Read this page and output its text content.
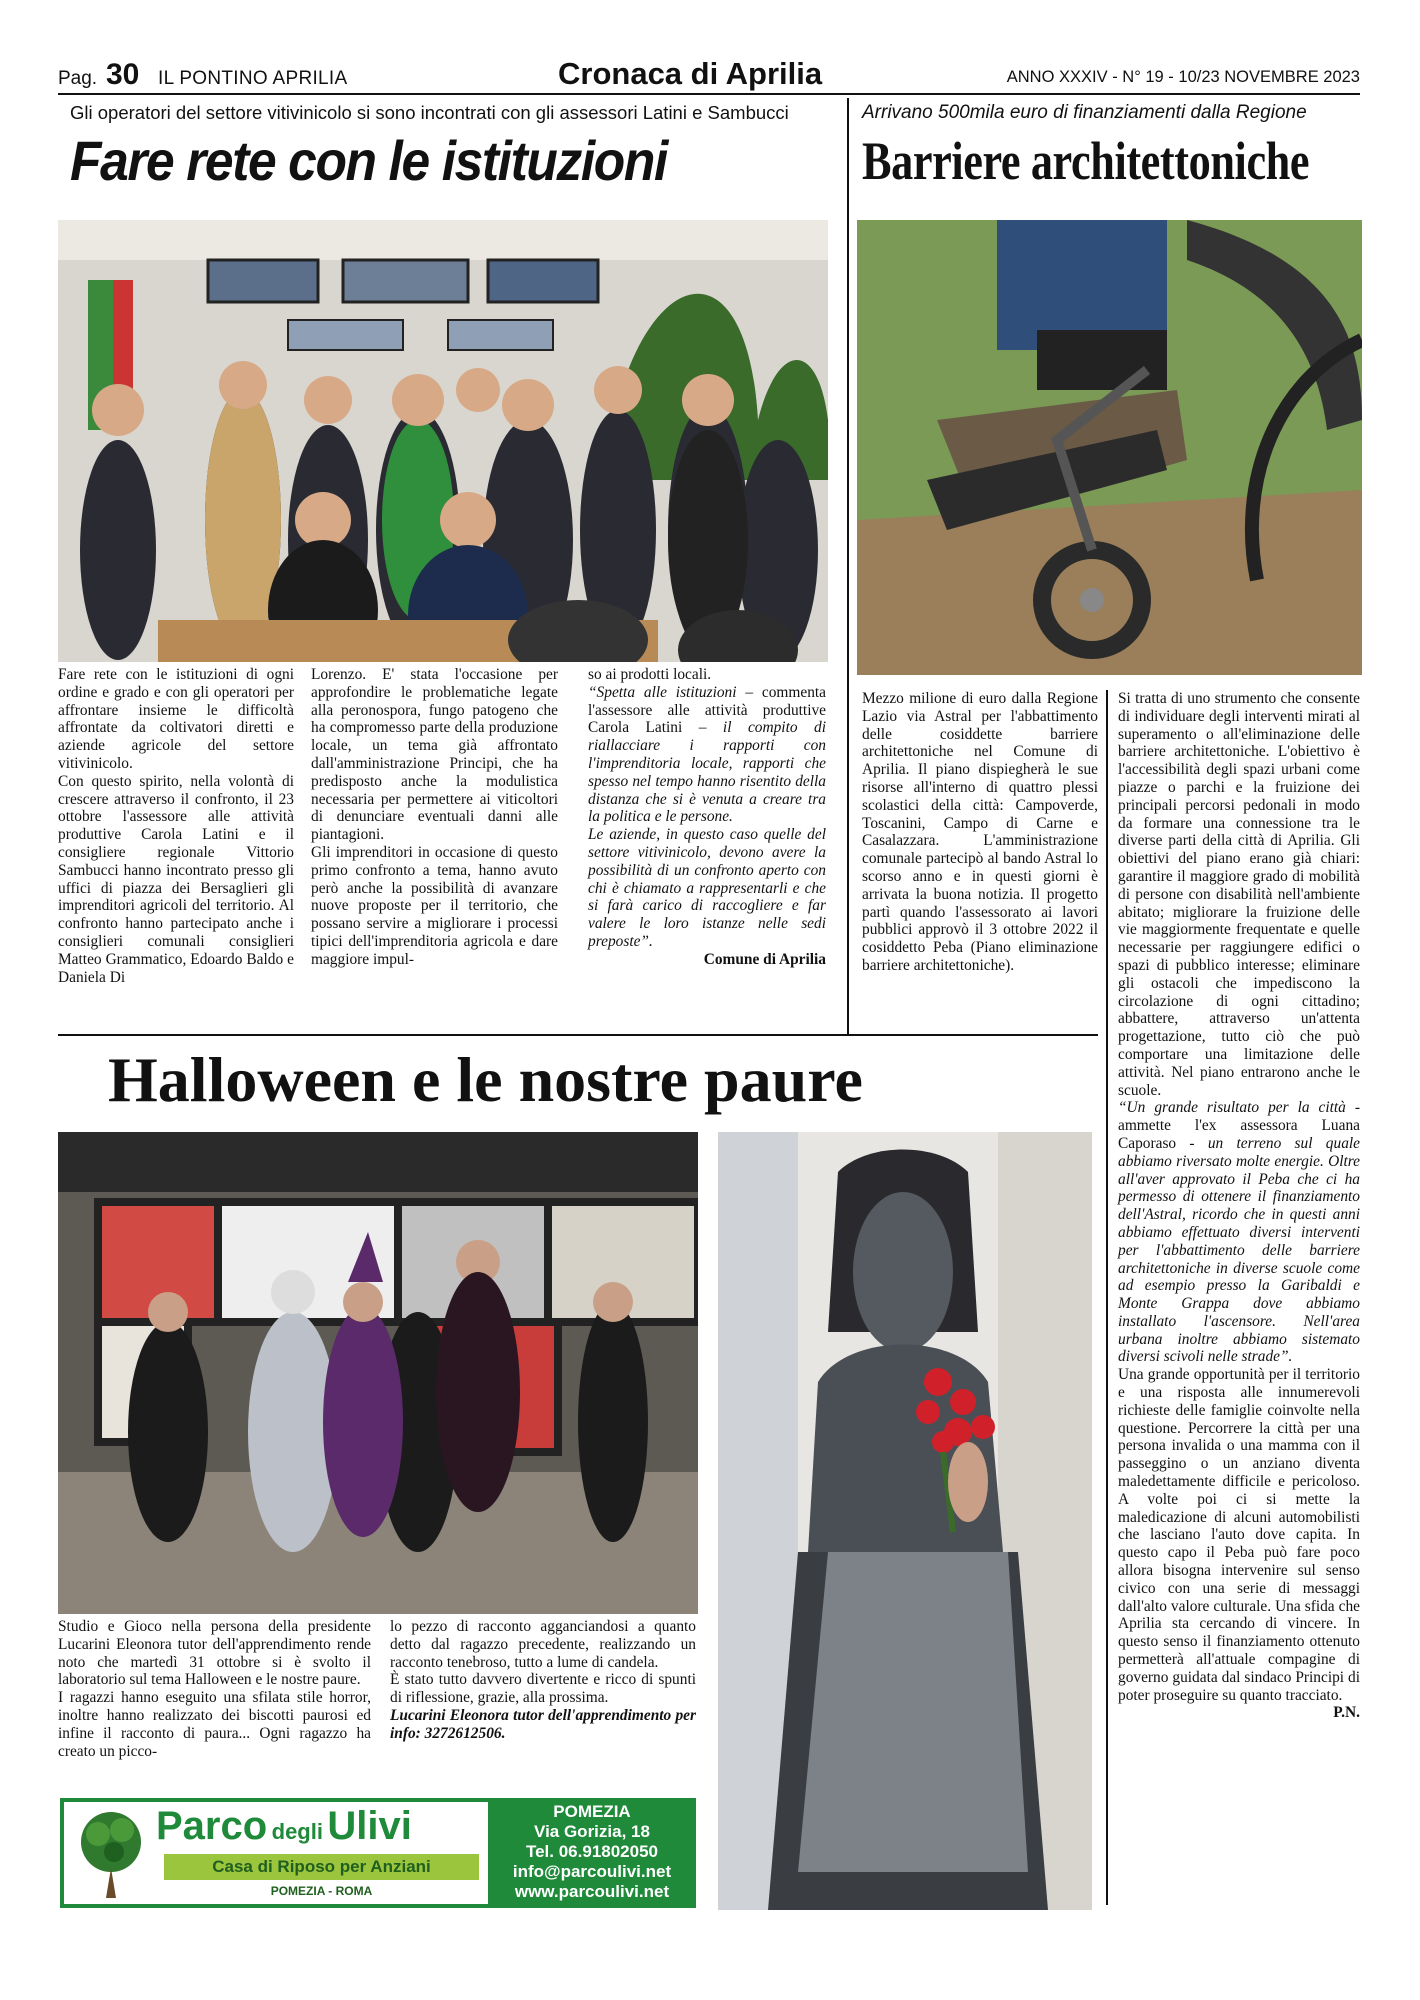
Pag. 30 IL PONTINO APRILIA	Cronaca di Aprilia	ANNO XXXIV - N° 19 - 10/23 NOVEMBRE 2023
Gli operatori del settore vitivinicolo si sono incontrati con gli assessori Latini e Sambucci
Fare rete con le istituzioni

Fare rete con le istituzioni di ogni ordine e grado e con gli operatori per affrontare insieme le difficoltà affrontate da coltivatori diretti e aziende agricole del settore vitivinicolo.

Con questo spirito, nella volontà di crescere attraverso il confronto, il 23 ottobre l'assessore alle attività produttive Carola Latini e il consigliere regionale Vittorio Sambucci hanno incontrato presso gli uffici di piazza dei Bersaglieri gli imprenditori agricoli del territorio. Al confronto hanno partecipato anche i consiglieri comunali consiglieri Matteo Grammatico, Edoardo Baldo e Daniela Di

Lorenzo. E' stata l'occasione per approfondire le problematiche legate alla peronospora, fungo patogeno che ha compromesso parte della produzione locale, un tema già affrontato dall'amministrazione Principi, che ha predisposto anche la modulistica necessaria per permettere ai viticoltori di denunciare eventuali danni alle piantagioni.

Gli imprenditori in occasione di questo primo confronto a tema, hanno avuto però anche la possibilità di avanzare nuove proposte per il territorio, che possano servire a migliorare i processi tipici dell'imprenditoria agricola e dare maggiore impul-

so ai prodotti locali.

“Spetta alle istituzioni – commenta l'assessore alle attività produttive Carola Latini – il compito di riallacciare i rapporti con l'imprenditoria locale, rapporti che spesso nel tempo hanno risentito della distanza che si è venuta a creare tra la politica e le persone.

Le aziende, in questo caso quelle del settore vitivinicolo, devono avere la possibilità di un confronto aperto con chi è chiamato a rappresentarli e che si farà carico di raccogliere e far valere le loro istanze nelle sedi preposte”.

Comune di Aprilia

Arrivano 500mila euro di finanziamenti dalla Regione
Barriere architettoniche

Mezzo milione di euro dalla Regione Lazio via Astral per l'abbattimento delle cosiddette barriere architettoniche nel Comune di Aprilia. Il piano dispiegherà le sue risorse all'interno di quattro plessi scolastici della città: Campoverde, Toscanini, Campo di Carne e Casalazzara. L'amministrazione comunale partecipò al bando Astral lo scorso anno e in questi giorni è arrivata la buona notizia. Il progetto partì quando l'assessorato ai lavori pubblici approvò il 3 ottobre 2022 il cosiddetto Peba (Piano eliminazione barriere architettoniche).

Si tratta di uno strumento che consente di individuare degli interventi mirati al superamento o all'eliminazione delle barriere architettoniche. L'obiettivo è l'accessibilità degli spazi urbani come piazze o parchi e la fruizione dei principali percorsi pedonali in modo da formare una connessione tra le diverse parti della città di Aprilia. Gli obiettivi del piano erano già chiari: garantire il maggiore grado di mobilità di persone con disabilità nell'ambiente abitato; migliorare la fruizione delle vie maggiormente frequentate e quelle necessarie per raggiungere edifici o spazi di pubblico interesse; eliminare gli ostacoli che impediscono la circolazione di ogni cittadino; abbattere, attraverso un'attenta progettazione, tutto ciò che può comportare una limitazione delle attività. Nel piano entrarono anche le scuole.

“Un grande risultato per la città - ammette l'ex assessora Luana Caporaso - un terreno sul quale abbiamo riversato molte energie. Oltre all'aver approvato il Peba che ci ha permesso di ottenere il finanziamento dell'Astral, ricordo che in questi anni abbiamo effettuato diversi interventi per l'abbattimento delle barriere architettoniche in diverse scuole come ad esempio presso la Garibaldi e Monte Grappa dove abbiamo installato l'ascensore. Nell'area urbana inoltre abbiamo sistemato diversi scivoli nelle strade”.

Una grande opportunità per il territorio e una risposta alle innumerevoli richieste delle famiglie coinvolte nella questione. Percorrere la città per una persona invalida o una mamma con il passeggino o un anziano diventa maledettamente difficile e pericoloso. A volte poi ci si mette la maledicazione di alcuni automobilisti che lasciano l'auto dove capita. In questo capo il Peba può fare poco allora bisogna intervenire sul senso civico con una serie di messaggi dall'alto valore culturale. Una sfida che Aprilia sta cercando di vincere. In questo senso il finanziamento ottenuto permetterà all'attuale compagine di governo guidata dal sindaco Principi di poter proseguire su quanto tracciato.

P.N.

Halloween e le nostre paure

Studio e Gioco nella persona della presidente Lucarini Eleonora tutor dell'apprendimento rende noto che martedì 31 ottobre si è svolto il laboratorio sul tema Halloween e le nostre paure.

I ragazzi hanno eseguito una sfilata stile horror, inoltre hanno realizzato dei biscotti paurosi ed infine il racconto di paura... Ogni ragazzo ha creato un picco-

lo pezzo di racconto agganciandosi a quanto detto dal ragazzo precedente, realizzando un racconto tenebroso, tutto a lume di candela.

È stato tutto davvero divertente e ricco di spunti di riflessione, grazie, alla prossima.

Lucarini Eleonora tutor dell'apprendimento per info: 3272612506.

Parco degli Ulivi
Casa di Riposo per Anziani
POMEZIA - ROMA
POMEZIA
Via Gorizia, 18
Tel. 06.91802050
info@parcoulivi.net
www.parcoulivi.net
